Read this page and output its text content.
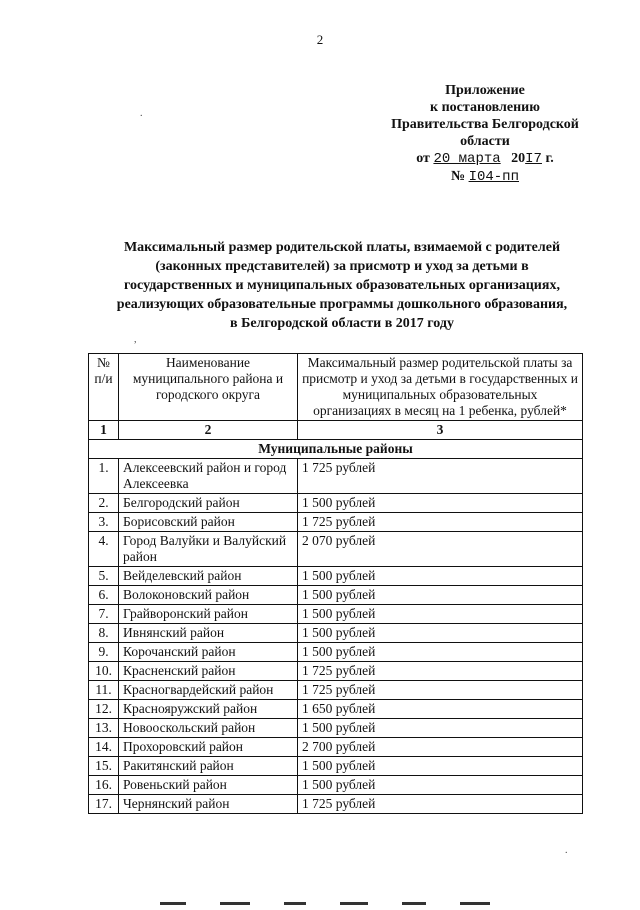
2
Приложение
к постановлению
Правительства Белгородской
области
от 20 марта 20I7 г.
№ I04-пп
Максимальный размер родительской платы, взимаемой с родителей
(законных представителей) за присмотр и уход за детьми в
государственных и муниципальных образовательных организациях,
реализующих образовательные программы дошкольного образования,
в Белгородской области в 2017 году
№ п/и	Наименование муниципального района и городского округа	Максимальный размер родительской платы за присмотр и уход за детьми в государственных и муниципальных образовательных организациях в месяц на 1 ребенка, рублей*
1	2	3
Муниципальные районы		
1.	Алексеевский район и город Алексеевка	1 725 рублей
2.	Белгородский район	1 500 рублей
3.	Борисовский район	1 725 рублей
4.	Город Валуйки и Валуйский район	2 070 рублей
5.	Вейделевский район	1 500 рублей
6.	Волоконовский район	1 500 рублей
7.	Грайворонский район	1 500 рублей
8.	Ивнянский район	1 500 рублей
9.	Корочанский район	1 500 рублей
10.	Красненский район	1 725 рублей
11.	Красногвардейский район	1 725 рублей
12.	Краснояружский район	1 650 рублей
13.	Новооскольский район	1 500 рублей
14.	Прохоровский район	2 700 рублей
15.	Ракитянский район	1 500 рублей
16.	Ровеньский район	1 500 рублей
17.	Чернянский район	1 725 рублей
.
,
.
